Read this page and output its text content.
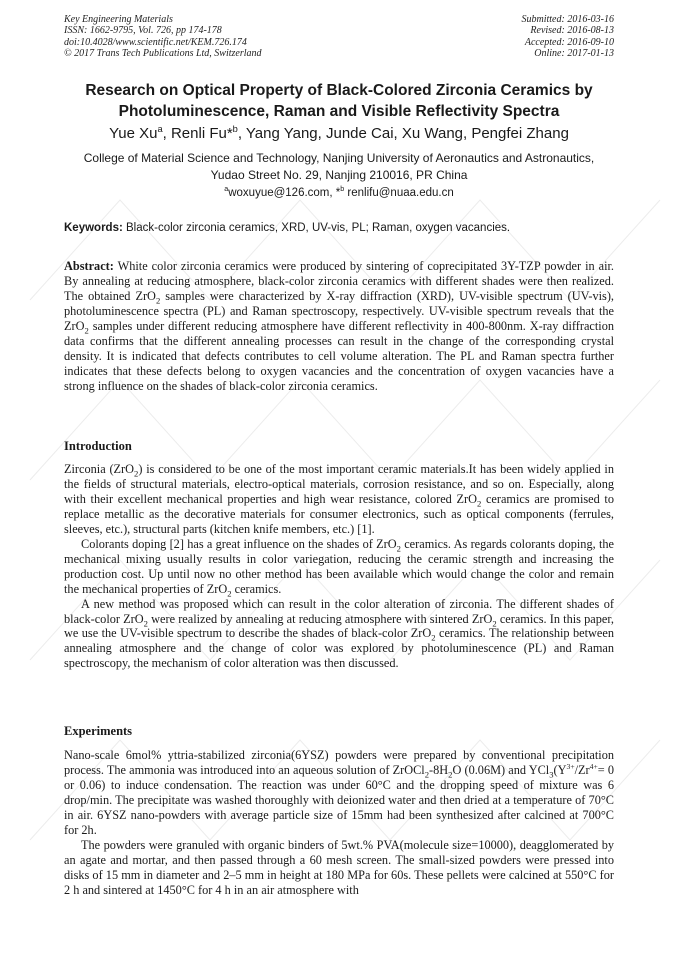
Key Engineering Materials
ISSN: 1662-9795, Vol. 726, pp 174-178
doi:10.4028/www.scientific.net/KEM.726.174
© 2017 Trans Tech Publications Ltd, Switzerland
Submitted: 2016-03-16
Revised: 2016-08-13
Accepted: 2016-09-10
Online: 2017-01-13
Research on Optical Property of Black-Colored Zirconia Ceramics by
Photoluminescence, Raman and Visible Reflectivity Spectra
Yue Xu$^a$, Renli Fu*$^b$, Yang Yang, Junde Cai, Xu Wang, Pengfei Zhang
College of Material Science and Technology, Nanjing University of Aeronautics and Astronautics,
Yudao Street No. 29, Nanjing 210016, PR China
$^a$woxuyue@126.com, *$^b$ renlifu@nuaa.edu.cn
Keywords: Black-color zirconia ceramics, XRD, UV-vis, PL; Raman, oxygen vacancies.
Abstract: White color zirconia ceramics were produced by sintering of coprecipitated 3Y-TZP powder in air. By annealing at reducing atmosphere, black-color zirconia ceramics with different shades were then realized. The obtained ZrO$_2$ samples were characterized by X-ray diffraction (XRD), UV-visible spectrum (UV-vis), photoluminescence spectra (PL) and Raman spectroscopy, respectively. UV-visible spectrum reveals that the ZrO$_2$ samples under different reducing atmosphere have different reflectivity in 400-800nm. X-ray diffraction data confirms that the different annealing processes can result in the change of the corresponding crystal density. It is indicated that defects contributes to cell volume alteration. The PL and Raman spectra further indicates that these defects belong to oxygen vacancies and the concentration of oxygen vacancies have a strong influence on the shades of black-color zirconia ceramics.
Introduction

Zirconia (ZrO$_2$) is considered to be one of the most important ceramic materials.It has been widely applied in the fields of structural materials, electro-optical materials, corrosion resistance, and so on. Especially, along with their excellent mechanical properties and high wear resistance, colored ZrO$_2$ ceramics are promised to replace metallic as the decorative materials for consumer electronics, such as optical components (ferrules, sleeves, etc.), structural parts (kitchen knife members, etc.) [1].

Colorants doping [2] has a great influence on the shades of ZrO$_2$ ceramics. As regards colorants doping, the mechanical mixing usually results in color variegation, reducing the ceramic strength and increasing the production cost. Up until now no other method has been available which would change the color and remain the mechanical properties of ZrO$_2$ ceramics.

A new method was proposed which can result in the color alteration of zirconia. The different shades of black-color ZrO$_2$ were realized by annealing at reducing atmosphere with sintered ZrO$_2$ ceramics. In this paper, we use the UV-visible spectrum to describe the shades of black-color ZrO$_2$ ceramics. The relationship between annealing atmosphere and the change of color was explored by photoluminescence (PL) and Raman spectroscopy, the mechanism of color alteration was then discussed.

Experiments

Nano-scale 6mol% yttria-stabilized zirconia(6YSZ) powders were prepared by conventional precipitation process. The ammonia was introduced into an aqueous solution of $ZrOCl_2-8H_2O$ (0.06M) and $YCl_3(Y^{3+}/Zr^{4+}= 0$ or 0.06) to induce condensation. The reaction was under 60°C and the dropping speed of mixture was 6 drop/min. The precipitate was washed thoroughly with deionized water and then dried at a temperature of 70°C in air. 6YSZ nano-powders with average particle size of 15mm had been synthesized after calcined at 700°C for 2h.

The powders were granuled with organic binders of 5wt.% PVA(molecule size=10000), deagglomerated by an agate and mortar, and then passed through a 60 mesh screen. The small-sized powders were pressed into disks of 15 mm in diameter and 2–5 mm in height at 180 MPa for 60s. These pellets were calcined at 550°C for 2 h and sintered at 1450°C for 4 h in an air atmosphere with
